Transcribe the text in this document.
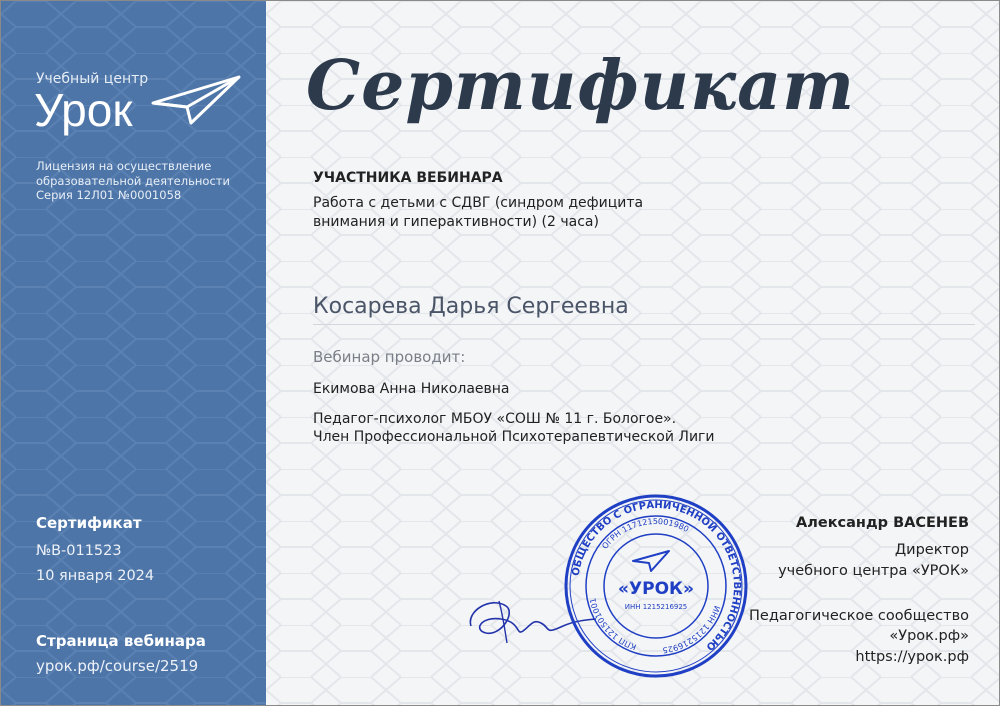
Учебный центр
Урок
Лицензия на осуществление
образовательной деятельности
Серия 12Л01 №0001058
Сертификат
№В-011523
10 января 2024
Страница вебинара
урок.рф/course/2519
Сертификат
УЧАСТНИКА ВЕБИНАРА
Работа с детьми с СДВГ (синдром дефицита
внимания и гиперактивности) (2 часа)
Косарева Дарья Сергеевна
Вебинар проводит:
Екимова Анна Николаевна
Педагог-психолог МБОУ «СОШ № 11 г. Бологое».
Член Профессиональной Психотерапевтической Лиги
ОБЩЕСТВО С ОГРАНИЧЕННОЙ ОТВЕТСТВЕННОСТЬЮ
ИНН 1215216925
КПП 121501001
ОГРН 1171215001980
«УРОК»
ИНН 1215216925
Александр ВАСЕНЕВ
Директор
учебного центра «УРОК»
Педагогическое сообщество
«Урок.рф»
https://урок.рф
